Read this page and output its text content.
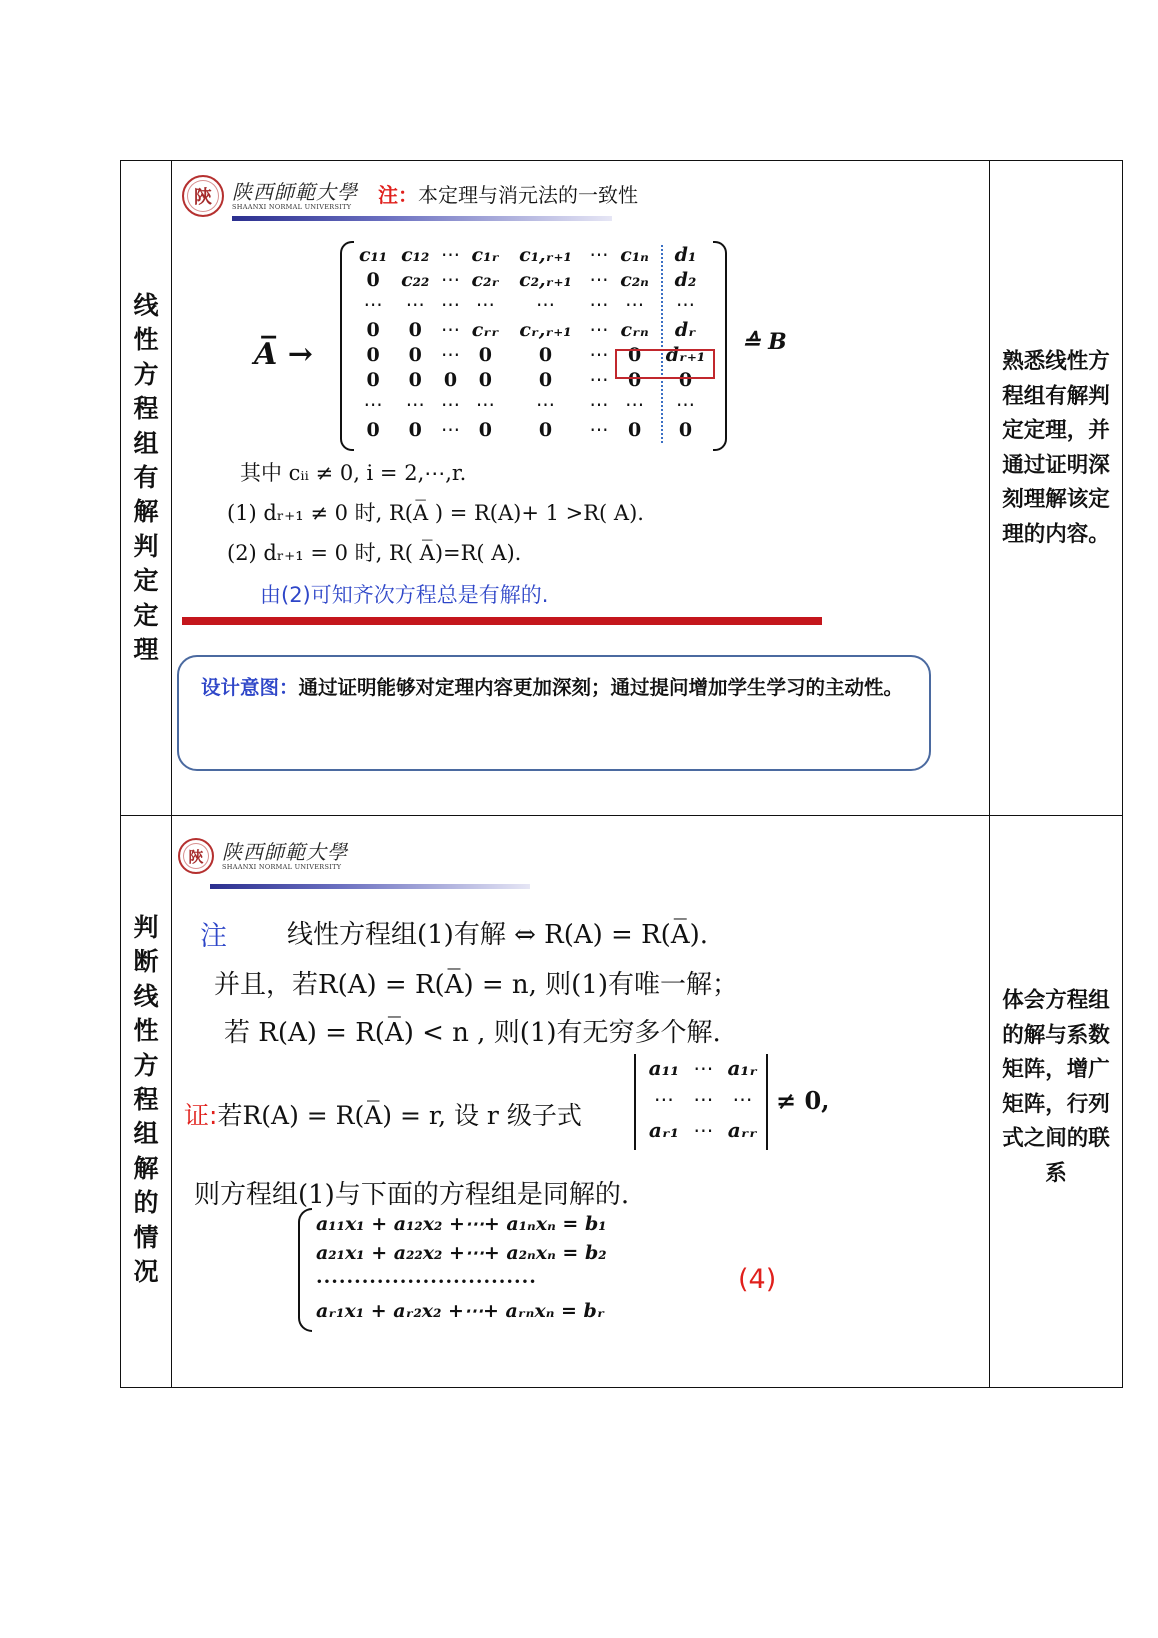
线
性
方
程
组
有
解
判
定
定
理

陝	陕西師範大學
SHAANXI NORMAL UNIVERSITY	注：本定理与消元法的一致性
A̅ →
c₁₁	c₁₂	⋯	c₁ᵣ	c₁,ᵣ₊₁	⋯	c₁ₙ	d₁
0	c₂₂	⋯	c₂ᵣ	c₂,ᵣ₊₁	⋯	c₂ₙ	d₂
⋯	⋯	⋯	⋯	⋯	⋯	⋯	⋯
0	0	⋯	cᵣᵣ	cᵣ,ᵣ₊₁	⋯	cᵣₙ	dᵣ
0	0	⋯	0	0	⋯	0	dᵣ₊₁
0	0	0	0	0	⋯	0	0
⋯	⋯	⋯	⋯	⋯	⋯	⋯	⋯
0	0	⋯	0	0	⋯	0	0
≙ B
其中 cᵢᵢ ≠ 0, i = 2,⋯,r.
(1) dᵣ₊₁ ≠ 0 时, R(A̅ ) = R(A)+ 1 >R( A).
(2) dᵣ₊₁ = 0 时, R( A̅)=R( A).
由(2)可知齐次方程总是有解的.
设计意图：通过证明能够对定理内容更加深刻；通过提问增加学生学习的主动性。

熟悉线性方程组有解判定定理，并通过证明深刻理解该定理的内容。

判
断
线
性
方
程
组
解
的
情
况

陝 陕西師範大學
SHAANXI NORMAL UNIVERSITY
注 线性方程组(1)有解 ⇔ R(A) = R(A̅).
并且，若R(A) = R(A̅) = n, 则(1)有唯一解；
若 R(A) = R(A̅) < n , 则(1)有无穷多个解.
证:若R(A) = R(A̅) = r, 设 r 级子式
a₁₁	⋯	a₁ᵣ
⋯	⋯	⋯
aᵣ₁	⋯	aᵣᵣ
≠ 0,
则方程组(1)与下面的方程组是同解的.
a₁₁x₁ + a₁₂x₂ +⋯+ a₁ₙxₙ = b₁
a₂₁x₁ + a₂₂x₂ +⋯+ a₂ₙxₙ = b₂
·····························
aᵣ₁x₁ + aᵣ₂x₂ +⋯+ aᵣₙxₙ = bᵣ
(4)

体会方程组的解与系数矩阵，增广矩阵，行列式之间的联系
